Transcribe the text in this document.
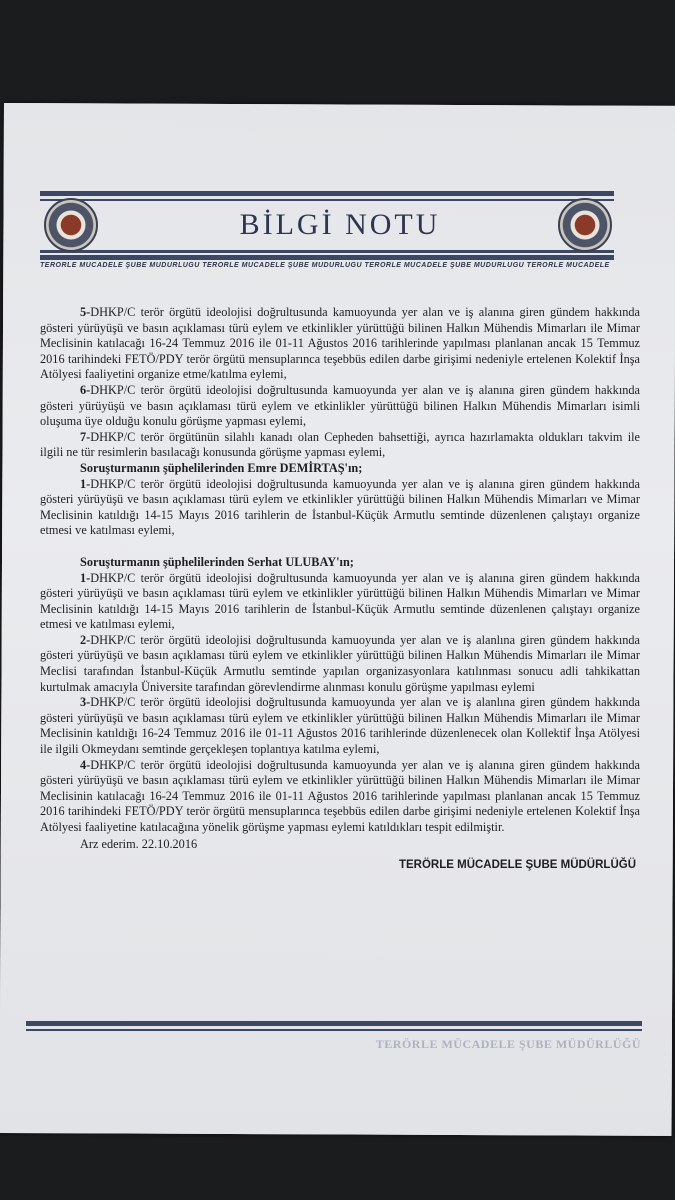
BİLGİ NOTU
TERÖRLE MÜCADELE ŞUBE MÜDÜRLÜĞÜ TERÖRLE MÜCADELE ŞUBE MÜDÜRLÜĞÜ TERÖRLE MÜCADELE ŞUBE MÜDÜRLÜĞÜ TERÖRLE MÜCADELE

5-DHKP/C terör örgütü ideolojisi doğrultusunda kamuoyunda yer alan ve iş alanına giren gündem hakkında gösteri yürüyüşü ve basın açıklaması türü eylem ve etkinlikler yürüttüğü bilinen Halkın Mühendis Mimarları ile Mimar Meclisinin katılacağı 16-24 Temmuz 2016 ile 01-11 Ağustos 2016 tarihlerinde yapılması planlanan ancak 15 Temmuz 2016 tarihindeki FETÖ/PDY terör örgütü mensuplarınca teşebbüs edilen darbe girişimi nedeniyle ertelenen Kolektif İnşa Atölyesi faaliyetini organize etme/katılma eylemi,

6-DHKP/C terör örgütü ideolojisi doğrultusunda kamuoyunda yer alan ve iş alanına giren gündem hakkında gösteri yürüyüşü ve basın açıklaması türü eylem ve etkinlikler yürüttüğü bilinen Halkın Mühendis Mimarları isimli oluşuma üye olduğu konulu görüşme yapması eylemi,

7-DHKP/C terör örgütünün silahlı kanadı olan Cepheden bahsettiği, ayrıca hazırlamakta oldukları takvim ile ilgili ne tür resimlerin basılacağı konusunda görüşme yapması eylemi,

Soruşturmanın şüphelilerinden Emre DEMİRTAŞ'ın;

1-DHKP/C terör örgütü ideolojisi doğrultusunda kamuoyunda yer alan ve iş alanına giren gündem hakkında gösteri yürüyüşü ve basın açıklaması türü eylem ve etkinlikler yürüttüğü bilinen Halkın Mühendis Mimarları ve Mimar Meclisinin katıldığı 14-15 Mayıs 2016 tarihlerin de İstanbul-Küçük Armutlu semtinde düzenlenen çalıştayı organize etmesi ve katılması eylemi,

Soruşturmanın şüphelilerinden Serhat ULUBAY'ın;

1-DHKP/C terör örgütü ideolojisi doğrultusunda kamuoyunda yer alan ve iş alanına giren gündem hakkında gösteri yürüyüşü ve basın açıklaması türü eylem ve etkinlikler yürüttüğü bilinen Halkın Mühendis Mimarları ve Mimar Meclisinin katıldığı 14-15 Mayıs 2016 tarihlerin de İstanbul-Küçük Armutlu semtinde düzenlenen çalıştayı organize etmesi ve katılması eylemi,

2-DHKP/C terör örgütü ideolojisi doğrultusunda kamuoyunda yer alan ve iş alanlına giren gündem hakkında gösteri yürüyüşü ve basın açıklaması türü eylem ve etkinlikler yürüttüğü bilinen Halkın Mühendis Mimarları ile Mimar Meclisi tarafından İstanbul-Küçük Armutlu semtinde yapılan organizasyonlara katılınması sonucu adli tahkikattan kurtulmak amacıyla Üniversite tarafından görevlendirme alınması konulu görüşme yapılması eylemi

3-DHKP/C terör örgütü ideolojisi doğrultusunda kamuoyunda yer alan ve iş alanlına giren gündem hakkında gösteri yürüyüşü ve basın açıklaması türü eylem ve etkinlikler yürüttüğü bilinen Halkın Mühendis Mimarları ile Mimar Meclisinin katıldığı 16-24 Temmuz 2016 ile 01-11 Ağustos 2016 tarihlerinde düzenlenecek olan Kollektif İnşa Atölyesi ile ilgili Okmeydanı semtinde gerçekleşen toplantıya katılma eylemi,

4-DHKP/C terör örgütü ideolojisi doğrultusunda kamuoyunda yer alan ve iş alanına giren gündem hakkında gösteri yürüyüşü ve basın açıklaması türü eylem ve etkinlikler yürüttüğü bilinen Halkın Mühendis Mimarları ile Mimar Meclisinin katılacağı 16-24 Temmuz 2016 ile 01-11 Ağustos 2016 tarihlerinde yapılması planlanan ancak 15 Temmuz 2016 tarihindeki FETÖ/PDY terör örgütü mensuplarınca teşebbüs edilen darbe girişimi nedeniyle ertelenen Kolektif İnşa Atölyesi faaliyetine katılacağına yönelik görüşme yapması eylemi katıldıkları tespit edilmiştir.

Arz ederim. 22.10.2016

TERÖRLE MÜCADELE ŞUBE MÜDÜRLÜĞÜ

TERÖRLE MÜCADELE ŞUBE MÜDÜRLÜĞÜ
